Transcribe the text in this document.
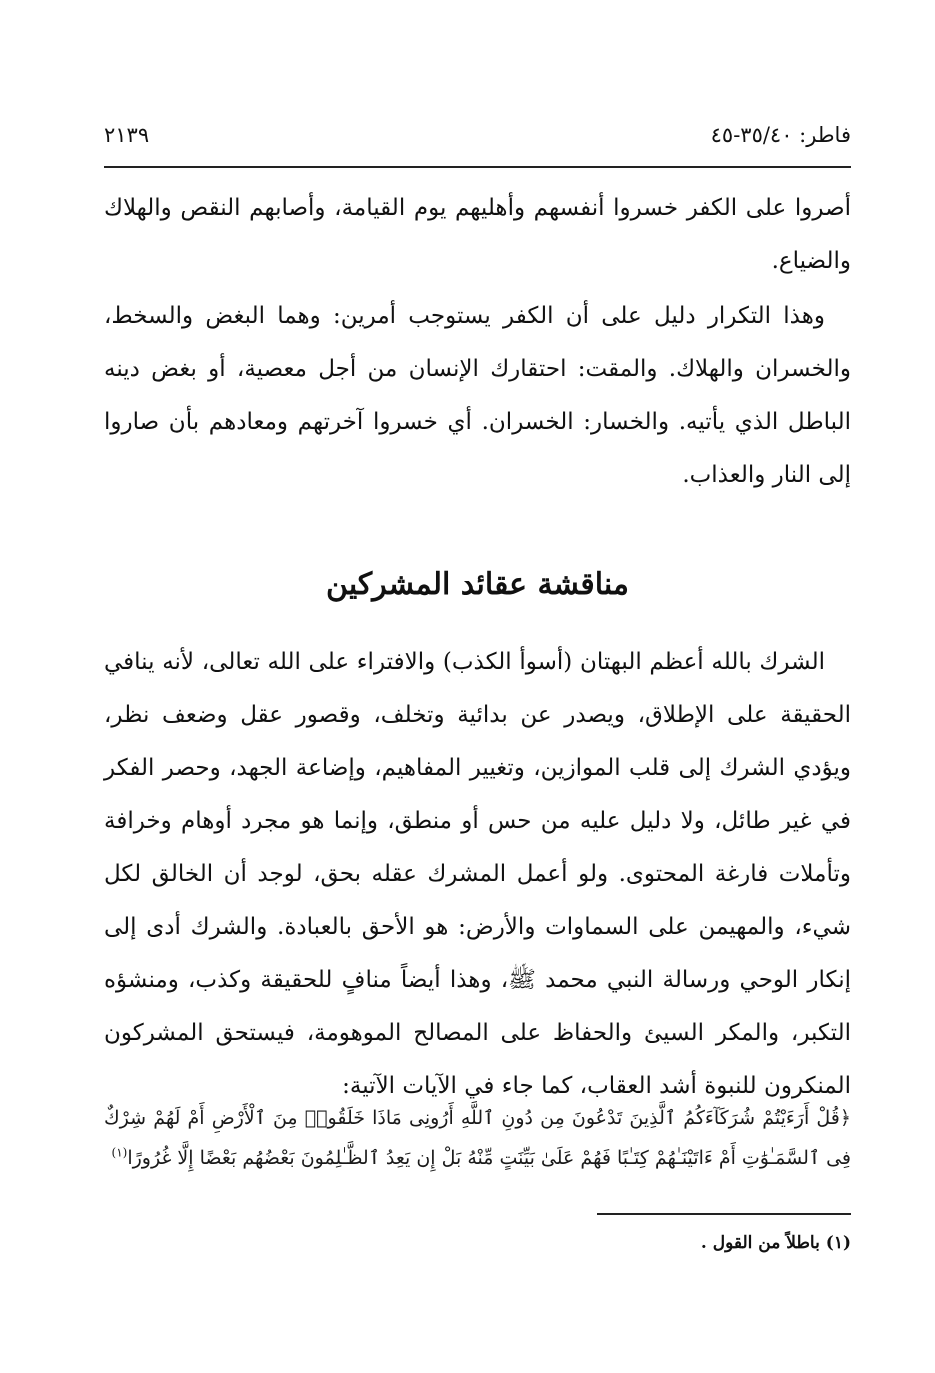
فاطر: ٣٥/٤٠-٤٥
٢١٣٩

أصروا على الكفر خسروا أنفسهم وأهليهم يوم القيامة، وأصابهم النقص والهلاك والضياع.

وهذا التكرار دليل على أن الكفر يستوجب أمرين: وهما البغض والسخط، والخسران والهلاك. والمقت: احتقارك الإنسان من أجل معصية، أو بغض دينه الباطل الذي يأتيه. والخسار: الخسران. أي خسروا آخرتهم ومعادهم بأن صاروا إلى النار والعذاب.

مناقشة عقائد المشركين

الشرك بالله أعظم البهتان (أسوأ الكذب) والافتراء على الله تعالى، لأنه ينافي الحقيقة على الإطلاق، ويصدر عن بدائية وتخلف، وقصور عقل وضعف نظر، ويؤدي الشرك إلى قلب الموازين، وتغيير المفاهيم، وإضاعة الجهد، وحصر الفكر في غير طائل، ولا دليل عليه من حس أو منطق، وإنما هو مجرد أوهام وخرافة وتأملات فارغة المحتوى. ولو أعمل المشرك عقله بحق، لوجد أن الخالق لكل شيء، والمهيمن على السماوات والأرض: هو الأحق بالعبادة. والشرك أدى إلى إنكار الوحي ورسالة النبي محمد ﷺ، وهذا أيضاً منافٍ للحقيقة وكذب، ومنشؤه التكبر، والمكر السيئ والحفاظ على المصالح الموهومة، فيستحق المشركون المنكرون للنبوة أشد العقاب، كما جاء في الآيات الآتية:

﴿قُلْ أَرَءَيْتُمْ شُرَكَآءَكُمُ ٱلَّذِينَ تَدْعُونَ مِن دُونِ ٱللَّهِ أَرُونِى مَاذَا خَلَقُوا۟ مِنَ ٱلْأَرْضِ أَمْ لَهُمْ شِرْكٌ فِى ٱلسَّمَـٰوَٰتِ أَمْ ءَاتَيْنَـٰهُمْ كِتَـٰبًا فَهُمْ عَلَىٰ بَيِّنَتٍ مِّنْهُ بَلْ إِن يَعِدُ ٱلظَّـٰلِمُونَ بَعْضُهُم بَعْضًا إِلَّا غُرُورًا$^{(١)}$

(١) باطلاً من القول .
